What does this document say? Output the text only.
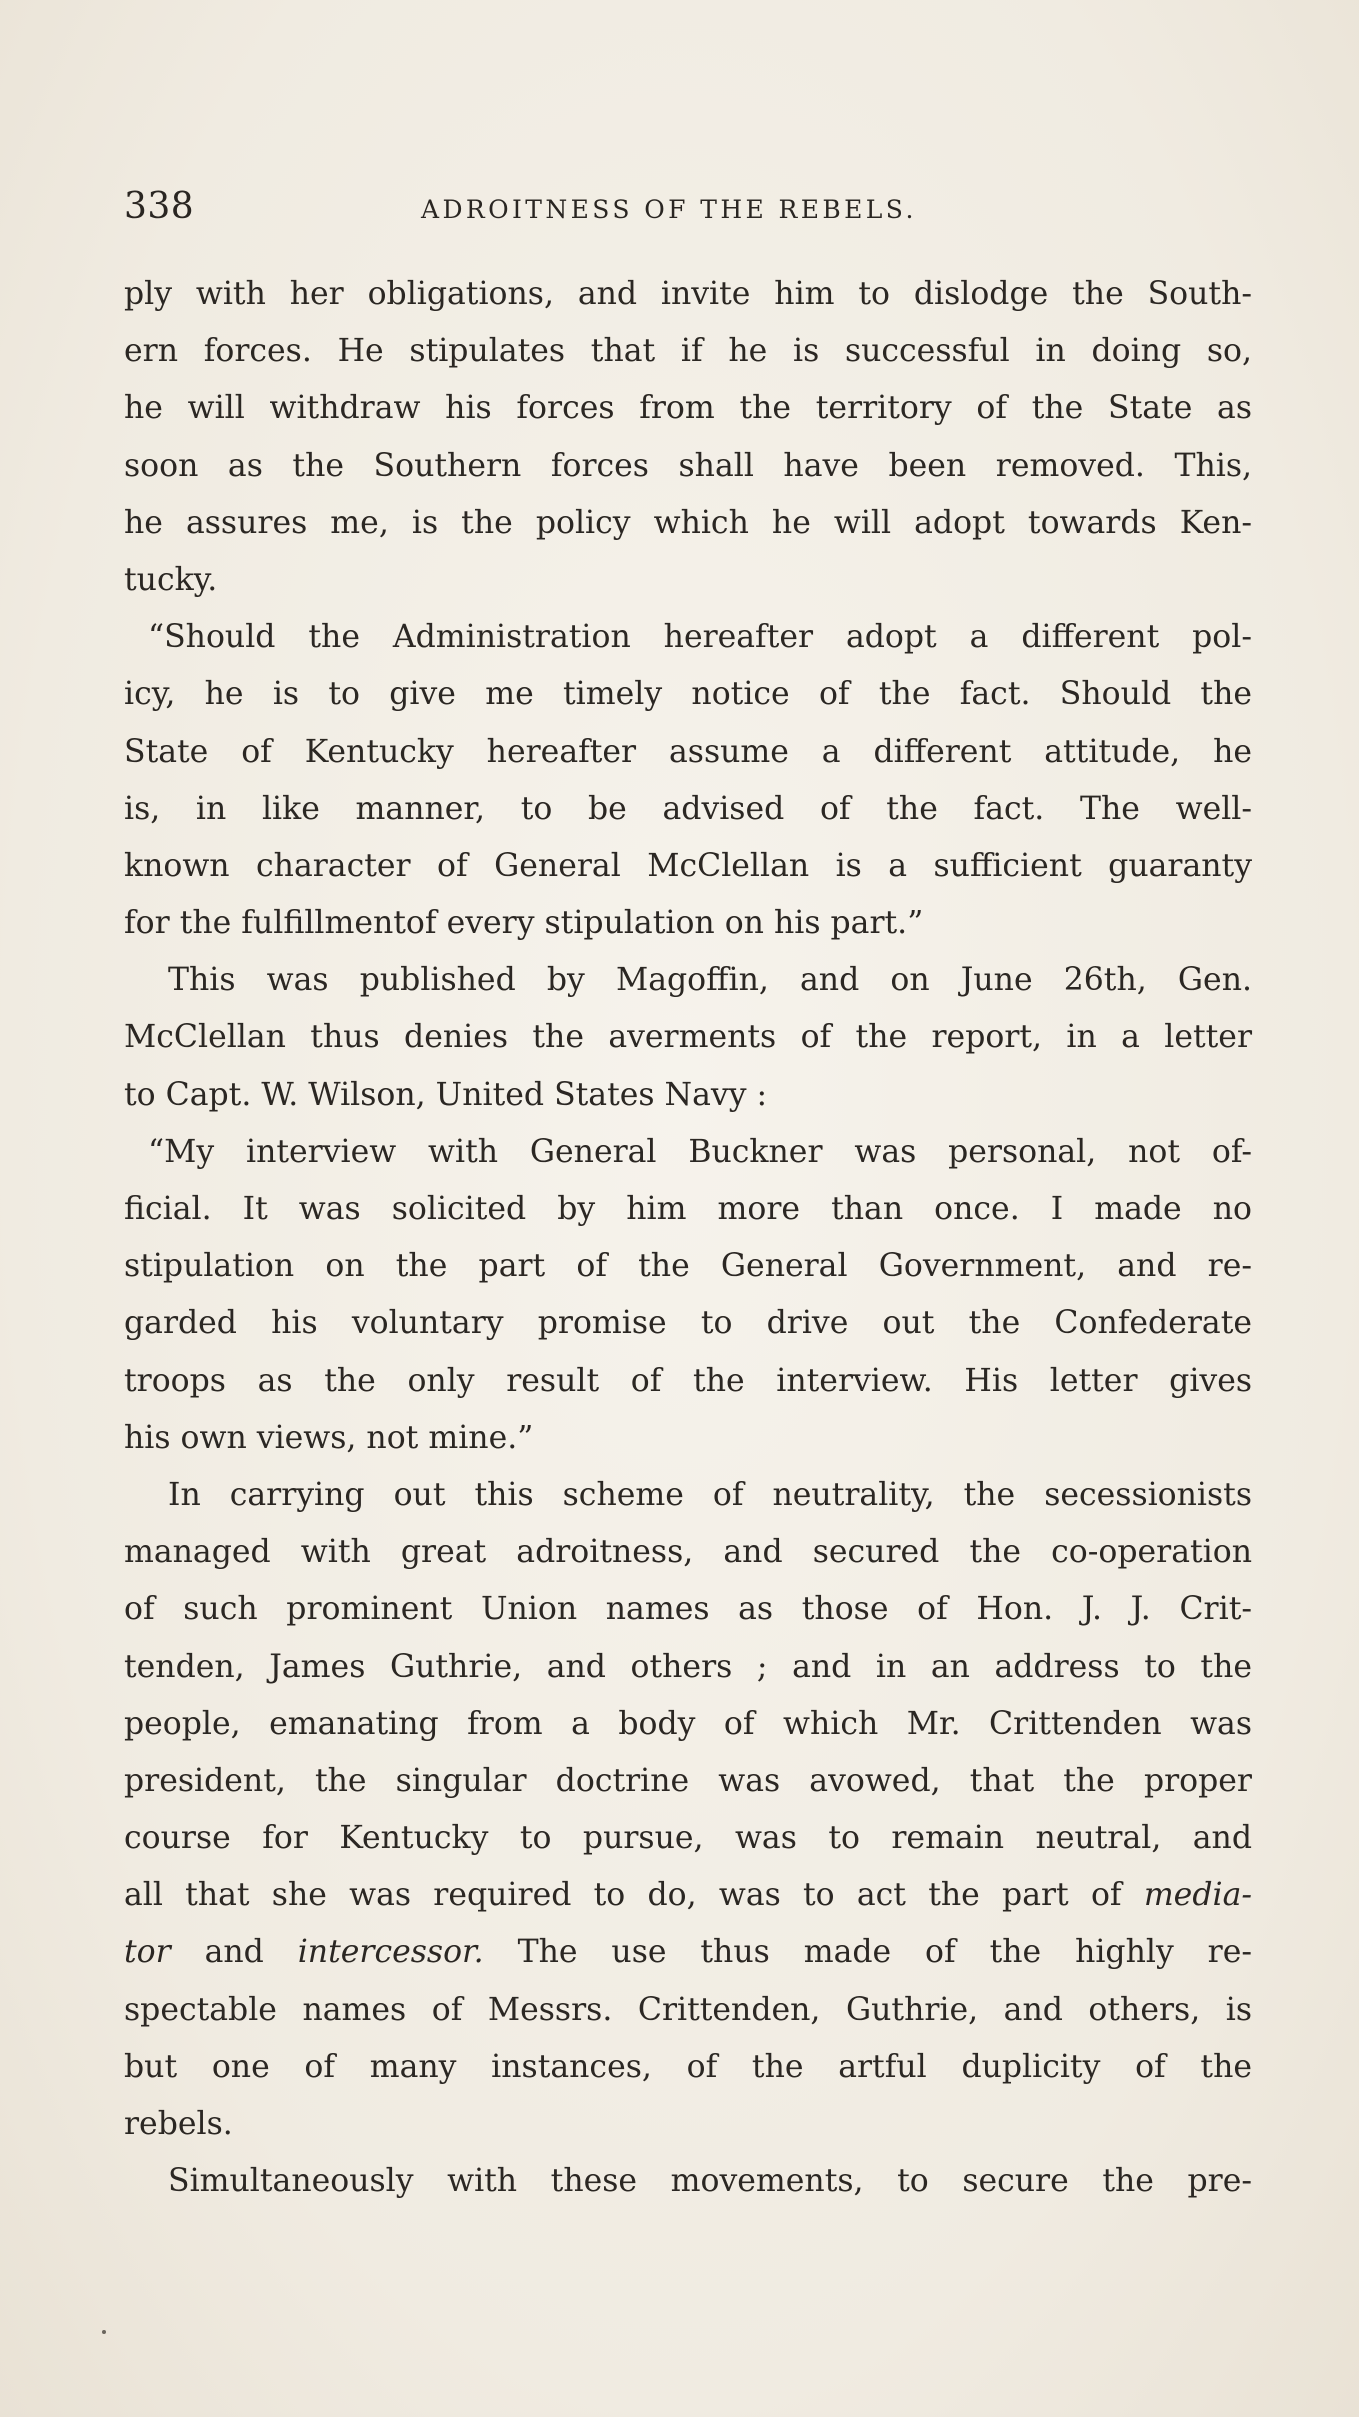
338	ADROITNESS OF THE REBELS.
ply with her obligations, and invite him to dislodge the South-
ern forces. He stipulates that if he is successful in doing so,
he will withdraw his forces from the territory of the State as
soon as the Southern forces shall have been removed. This,
he assures me, is the policy which he will adopt towards Ken-
tucky.
“Should the Administration hereafter adopt a different pol-
icy, he is to give me timely notice of the fact. Should the
State of Kentucky hereafter assume a different attitude, he
is, in like manner, to be advised of the fact. The well-
known character of General McClellan is a sufficient guaranty
for the fulfillmentof every stipulation on his part.”
This was published by Magoffin, and on June 26th, Gen.
McClellan thus denies the averments of the report, in a letter
to Capt. W. Wilson, United States Navy :
“My interview with General Buckner was personal, not of-
ficial. It was solicited by him more than once. I made no
stipulation on the part of the General Government, and re-
garded his voluntary promise to drive out the Confederate
troops as the only result of the interview. His letter gives
his own views, not mine.”
In carrying out this scheme of neutrality, the secessionists
managed with great adroitness, and secured the co-operation
of such prominent Union names as those of Hon. J. J. Crit-
tenden, James Guthrie, and others ; and in an address to the
people, emanating from a body of which Mr. Crittenden was
president, the singular doctrine was avowed, that the proper
course for Kentucky to pursue, was to remain neutral, and
all that she was required to do, was to act the part of media-
tor and intercessor. The use thus made of the highly re-
spectable names of Messrs. Crittenden, Guthrie, and others, is
but one of many instances, of the artful duplicity of the
rebels.
Simultaneously with these movements, to secure the pre-
